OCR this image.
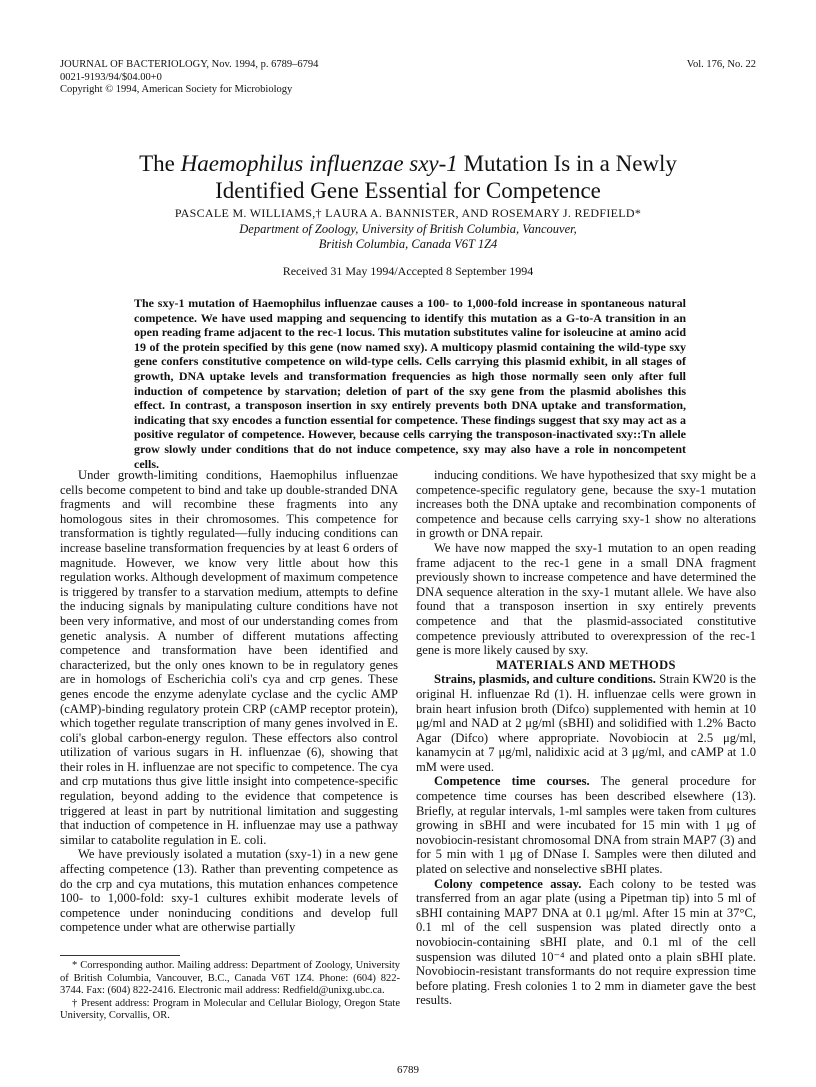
JOURNAL OF BACTERIOLOGY, Nov. 1994, p. 6789–6794
0021-9193/94/$04.00+0
Copyright © 1994, American Society for Microbiology
Vol. 176, No. 22
The Haemophilus influenzae sxy-1 Mutation Is in a Newly
Identified Gene Essential for Competence
PASCALE M. WILLIAMS,† LAURA A. BANNISTER, AND ROSEMARY J. REDFIELD*
Department of Zoology, University of British Columbia, Vancouver,
British Columbia, Canada V6T 1Z4
Received 31 May 1994/Accepted 8 September 1994
The sxy-1 mutation of Haemophilus influenzae causes a 100- to 1,000-fold increase in spontaneous natural competence. We have used mapping and sequencing to identify this mutation as a G-to-A transition in an open reading frame adjacent to the rec-1 locus. This mutation substitutes valine for isoleucine at amino acid 19 of the protein specified by this gene (now named sxy). A multicopy plasmid containing the wild-type sxy gene confers constitutive competence on wild-type cells. Cells carrying this plasmid exhibit, in all stages of growth, DNA uptake levels and transformation frequencies as high those normally seen only after full induction of competence by starvation; deletion of part of the sxy gene from the plasmid abolishes this effect. In contrast, a transposon insertion in sxy entirely prevents both DNA uptake and transformation, indicating that sxy encodes a function essential for competence. These findings suggest that sxy may act as a positive regulator of competence. However, because cells carrying the transposon-inactivated sxy::Tn allele grow slowly under conditions that do not induce competence, sxy may also have a role in noncompetent cells.

Under growth-limiting conditions, Haemophilus influenzae cells become competent to bind and take up double-stranded DNA fragments and will recombine these fragments into any homologous sites in their chromosomes. This competence for transformation is tightly regulated—fully inducing conditions can increase baseline transformation frequencies by at least 6 orders of magnitude. However, we know very little about how this regulation works. Although development of maximum competence is triggered by transfer to a starvation medium, attempts to define the inducing signals by manipulating culture conditions have not been very informative, and most of our understanding comes from genetic analysis. A number of different mutations affecting competence and transformation have been identified and characterized, but the only ones known to be in regulatory genes are in homologs of Escherichia coli's cya and crp genes. These genes encode the enzyme adenylate cyclase and the cyclic AMP (cAMP)-binding regulatory protein CRP (cAMP receptor protein), which together regulate transcription of many genes involved in E. coli's global carbon-energy regulon. These effectors also control utilization of various sugars in H. influenzae (6), showing that their roles in H. influenzae are not specific to competence. The cya and crp mutations thus give little insight into competence-specific regulation, beyond adding to the evidence that competence is triggered at least in part by nutritional limitation and suggesting that induction of competence in H. influenzae may use a pathway similar to catabolite regulation in E. coli.

We have previously isolated a mutation (sxy-1) in a new gene affecting competence (13). Rather than preventing competence as do the crp and cya mutations, this mutation enhances competence 100- to 1,000-fold: sxy-1 cultures exhibit moderate levels of competence under noninducing conditions and develop full competence under what are otherwise partially

* Corresponding author. Mailing address: Department of Zoology, University of British Columbia, Vancouver, B.C., Canada V6T 1Z4. Phone: (604) 822-3744. Fax: (604) 822-2416. Electronic mail address: Redfield@unixg.ubc.ca.

† Present address: Program in Molecular and Cellular Biology, Oregon State University, Corvallis, OR.

inducing conditions. We have hypothesized that sxy might be a competence-specific regulatory gene, because the sxy-1 mutation increases both the DNA uptake and recombination components of competence and because cells carrying sxy-1 show no alterations in growth or DNA repair.

We have now mapped the sxy-1 mutation to an open reading frame adjacent to the rec-1 gene in a small DNA fragment previously shown to increase competence and have determined the DNA sequence alteration in the sxy-1 mutant allele. We have also found that a transposon insertion in sxy entirely prevents competence and that the plasmid-associated constitutive competence previously attributed to overexpression of the rec-1 gene is more likely caused by sxy.

MATERIALS AND METHODS

Strains, plasmids, and culture conditions. Strain KW20 is the original H. influenzae Rd (1). H. influenzae cells were grown in brain heart infusion broth (Difco) supplemented with hemin at 10 μg/ml and NAD at 2 μg/ml (sBHI) and solidified with 1.2% Bacto Agar (Difco) where appropriate. Novobiocin at 2.5 μg/ml, kanamycin at 7 μg/ml, nalidixic acid at 3 μg/ml, and cAMP at 1.0 mM were used.

Competence time courses. The general procedure for competence time courses has been described elsewhere (13). Briefly, at regular intervals, 1-ml samples were taken from cultures growing in sBHI and were incubated for 15 min with 1 μg of novobiocin-resistant chromosomal DNA from strain MAP7 (3) and for 5 min with 1 μg of DNase I. Samples were then diluted and plated on selective and nonselective sBHI plates.

Colony competence assay. Each colony to be tested was transferred from an agar plate (using a Pipetman tip) into 5 ml of sBHI containing MAP7 DNA at 0.1 μg/ml. After 15 min at 37°C, 0.1 ml of the cell suspension was plated directly onto a novobiocin-containing sBHI plate, and 0.1 ml of the cell suspension was diluted 10⁻⁴ and plated onto a plain sBHI plate. Novobiocin-resistant transformants do not require expression time before plating. Fresh colonies 1 to 2 mm in diameter gave the best results.

6789
